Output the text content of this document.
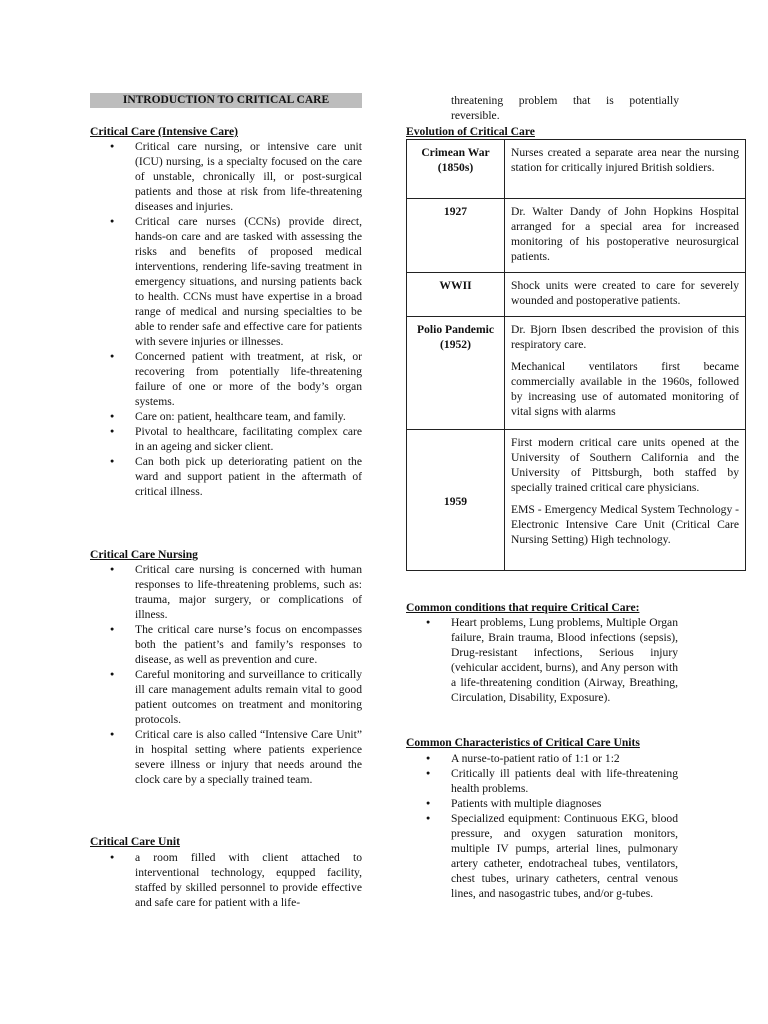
INTRODUCTION TO CRITICAL CARE
Critical Care (Intensive Care)
● Critical care nursing, or intensive care unit (ICU) nursing, is a specialty focused on the care of unstable, chronically ill, or post-surgical patients and those at risk from life-threatening diseases and injuries.
● Critical care nurses (CCNs) provide direct, hands-on care and are tasked with assessing the risks and benefits of proposed medical interventions, rendering life-saving treatment in emergency situations, and nursing patients back to health. CCNs must have expertise in a broad range of medical and nursing specialties to be able to render safe and effective care for patients with severe injuries or illnesses.
● Concerned patient with treatment, at risk, or recovering from potentially life-threatening failure of one or more of the body’s organ systems.
● Care on: patient, healthcare team, and family.
● Pivotal to healthcare, facilitating complex care in an ageing and sicker client.
● Can both pick up deteriorating patient on the ward and support patient in the aftermath of critical illness.
Critical Care Nursing
● Critical care nursing is concerned with human responses to life-threatening problems, such as: trauma, major surgery, or complications of illness.
● The critical care nurse’s focus on encompasses both the patient’s and family’s responses to disease, as well as prevention and cure.
● Careful monitoring and surveillance to critically ill care management adults remain vital to good patient outcomes on treatment and monitoring protocols.
● Critical care is also called “Intensive Care Unit” in hospital setting where patients experience severe illness or injury that needs around the clock care by a specially trained team.
Critical Care Unit
● a room filled with client attached to interventional technology, equpped facility, staffed by skilled personnel to provide effective and safe care for patient with a life-
threatening problem that is potentially reversible.
Evolution of Critical Care
Crimean War (1850s)	Nurses created a separate area near the nursing station for critically injured British soldiers.

1927	Dr. Walter Dandy of John Hopkins Hospital arranged for a special area for increased monitoring of his postoperative neurosurgical patients.

WWII	Shock units were created to care for severely wounded and postoperative patients.

Polio Pandemic (1952)	Dr. Bjorn Ibsen described the provision of this respiratory care.

Mechanical ventilators first became commercially available in the 1960s, followed by increasing use of automated monitoring of vital signs with alarms

1959	First modern critical care units opened at the University of Southern California and the University of Pittsburgh, both staffed by specially trained critical care physicians.

EMS - Emergency Medical System Technology - Electronic Intensive Care Unit (Critical Care Nursing Setting) High technology.

Common conditions that require Critical Care:
● Heart problems, Lung problems, Multiple Organ failure, Brain trauma, Blood infections (sepsis), Drug-resistant infections, Serious injury (vehicular accident, burns), and Any person with a life-threatening condition (Airway, Breathing, Circulation, Disability, Exposure).
Common Characteristics of Critical Care Units
● A nurse-to-patient ratio of 1:1 or 1:2
● Critically ill patients deal with life-threatening health problems.
● Patients with multiple diagnoses
● Specialized equipment: Continuous EKG, blood pressure, and oxygen saturation monitors, multiple IV pumps, arterial lines, pulmonary artery catheter, endotracheal tubes, ventilators, chest tubes, urinary catheters, central venous lines, and nasogastric tubes, and/or g-tubes.
